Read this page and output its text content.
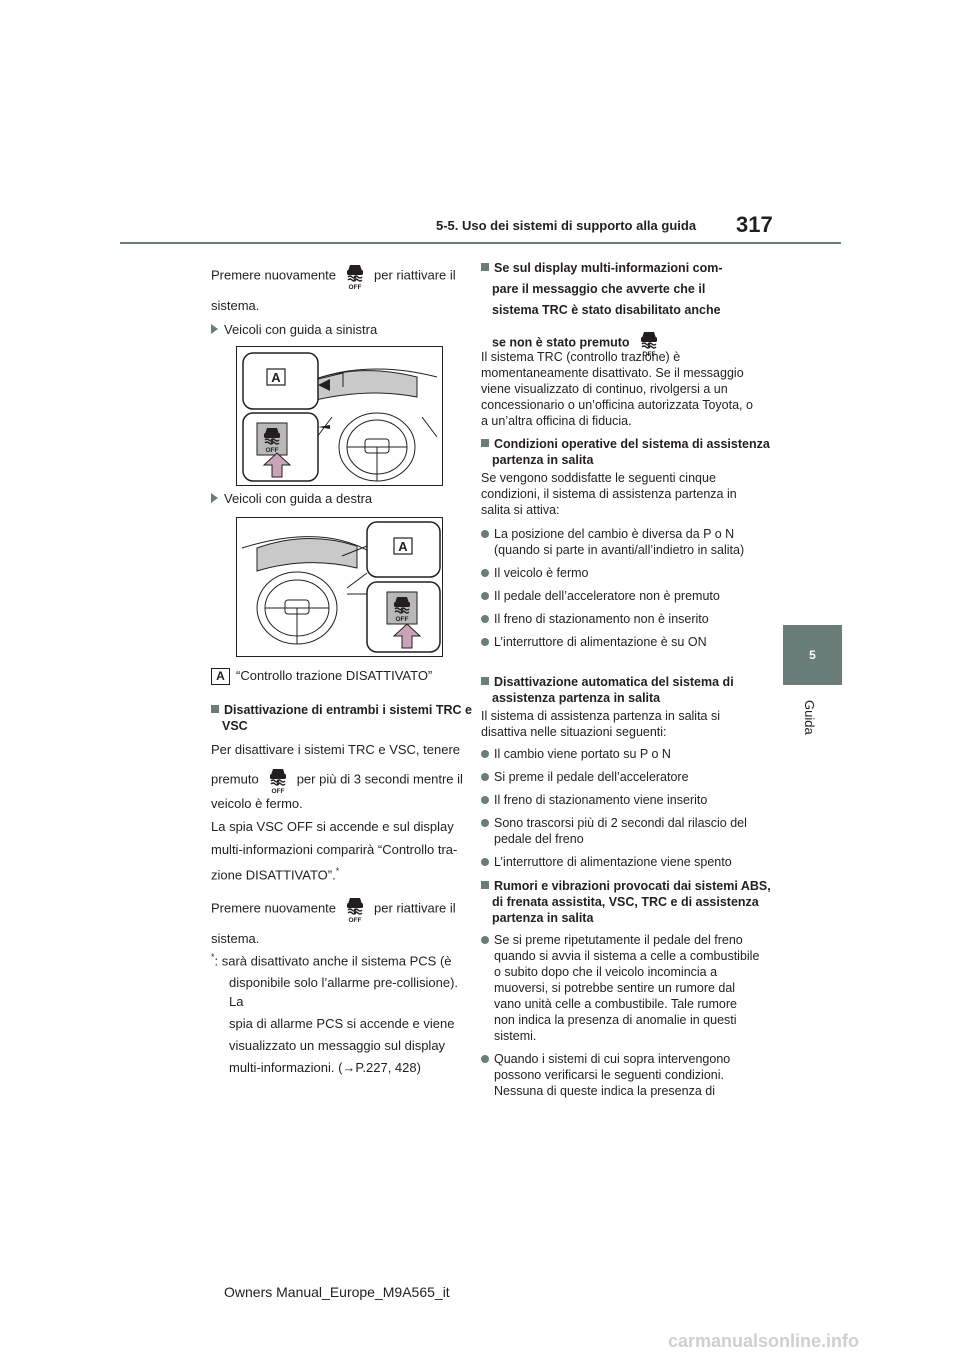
5-5. Uso dei sistemi di supporto alla guida 317
5
Guida
Premere nuovamente	per riattivare il
sistema.
Veicoli con guida a sinistra
A
Veicoli con guida a destra
A
A “Controllo trazione DISATTIVATO”
Disattivazione di entrambi i sistemi TRC e VSC
Per disattivare i sistemi TRC e VSC, tenere
premuto	per più di 3 secondi mentre il
veicolo è fermo.
La spia VSC OFF si accende e sul display
multi-informazioni comparirà “Controllo tra-
zione DISATTIVATO”.*
Premere nuovamente	per riattivare il
sistema.
*: sarà disattivato anche il sistema PCS (è
disponibile solo l’allarme pre-collisione). La
spia di allarme PCS si accende e viene
visualizzato un messaggio sul display
multi-informazioni. (→P.227, 428)
Se sul display multi-informazioni com-
pare il messaggio che avverte che il
sistema TRC è stato disabilitato anche
se non è stato premuto
Il sistema TRC (controllo trazione) è momentaneamente disattivato. Se il messaggio viene visualizzato di continuo, rivolgersi a un concessionario o un’officina autorizzata Toyota, o a un’altra officina di fiducia.
Condizioni operative del sistema di assistenza partenza in salita
Se vengono soddisfatte le seguenti cinque condizioni, il sistema di assistenza partenza in salita si attiva:
La posizione del cambio è diversa da P o N (quando si parte in avanti/all’indietro in salita)
Il veicolo è fermo
Il pedale dell’acceleratore non è premuto
Il freno di stazionamento non è inserito
L’interruttore di alimentazione è su ON
Disattivazione automatica del sistema di assistenza partenza in salita
Il sistema di assistenza partenza in salita si disattiva nelle situazioni seguenti:
Il cambio viene portato su P o N
Si preme il pedale dell’acceleratore
Il freno di stazionamento viene inserito
Sono trascorsi più di 2 secondi dal rilascio del pedale del freno
L’interruttore di alimentazione viene spento
Rumori e vibrazioni provocati dai sistemi ABS, di frenata assistita, VSC, TRC e di assistenza partenza in salita
Se si preme ripetutamente il pedale del freno quando si avvia il sistema a celle a combustibile o subito dopo che il veicolo incomincia a muoversi, si potrebbe sentire un rumore dal vano unità celle a combustibile. Tale rumore non indica la presenza di anomalie in questi sistemi.
Quando i sistemi di cui sopra intervengono possono verificarsi le seguenti condizioni. Nessuna di queste indica la presenza di
Owners Manual_Europe_M9A565_it
carmanualsonline.info
